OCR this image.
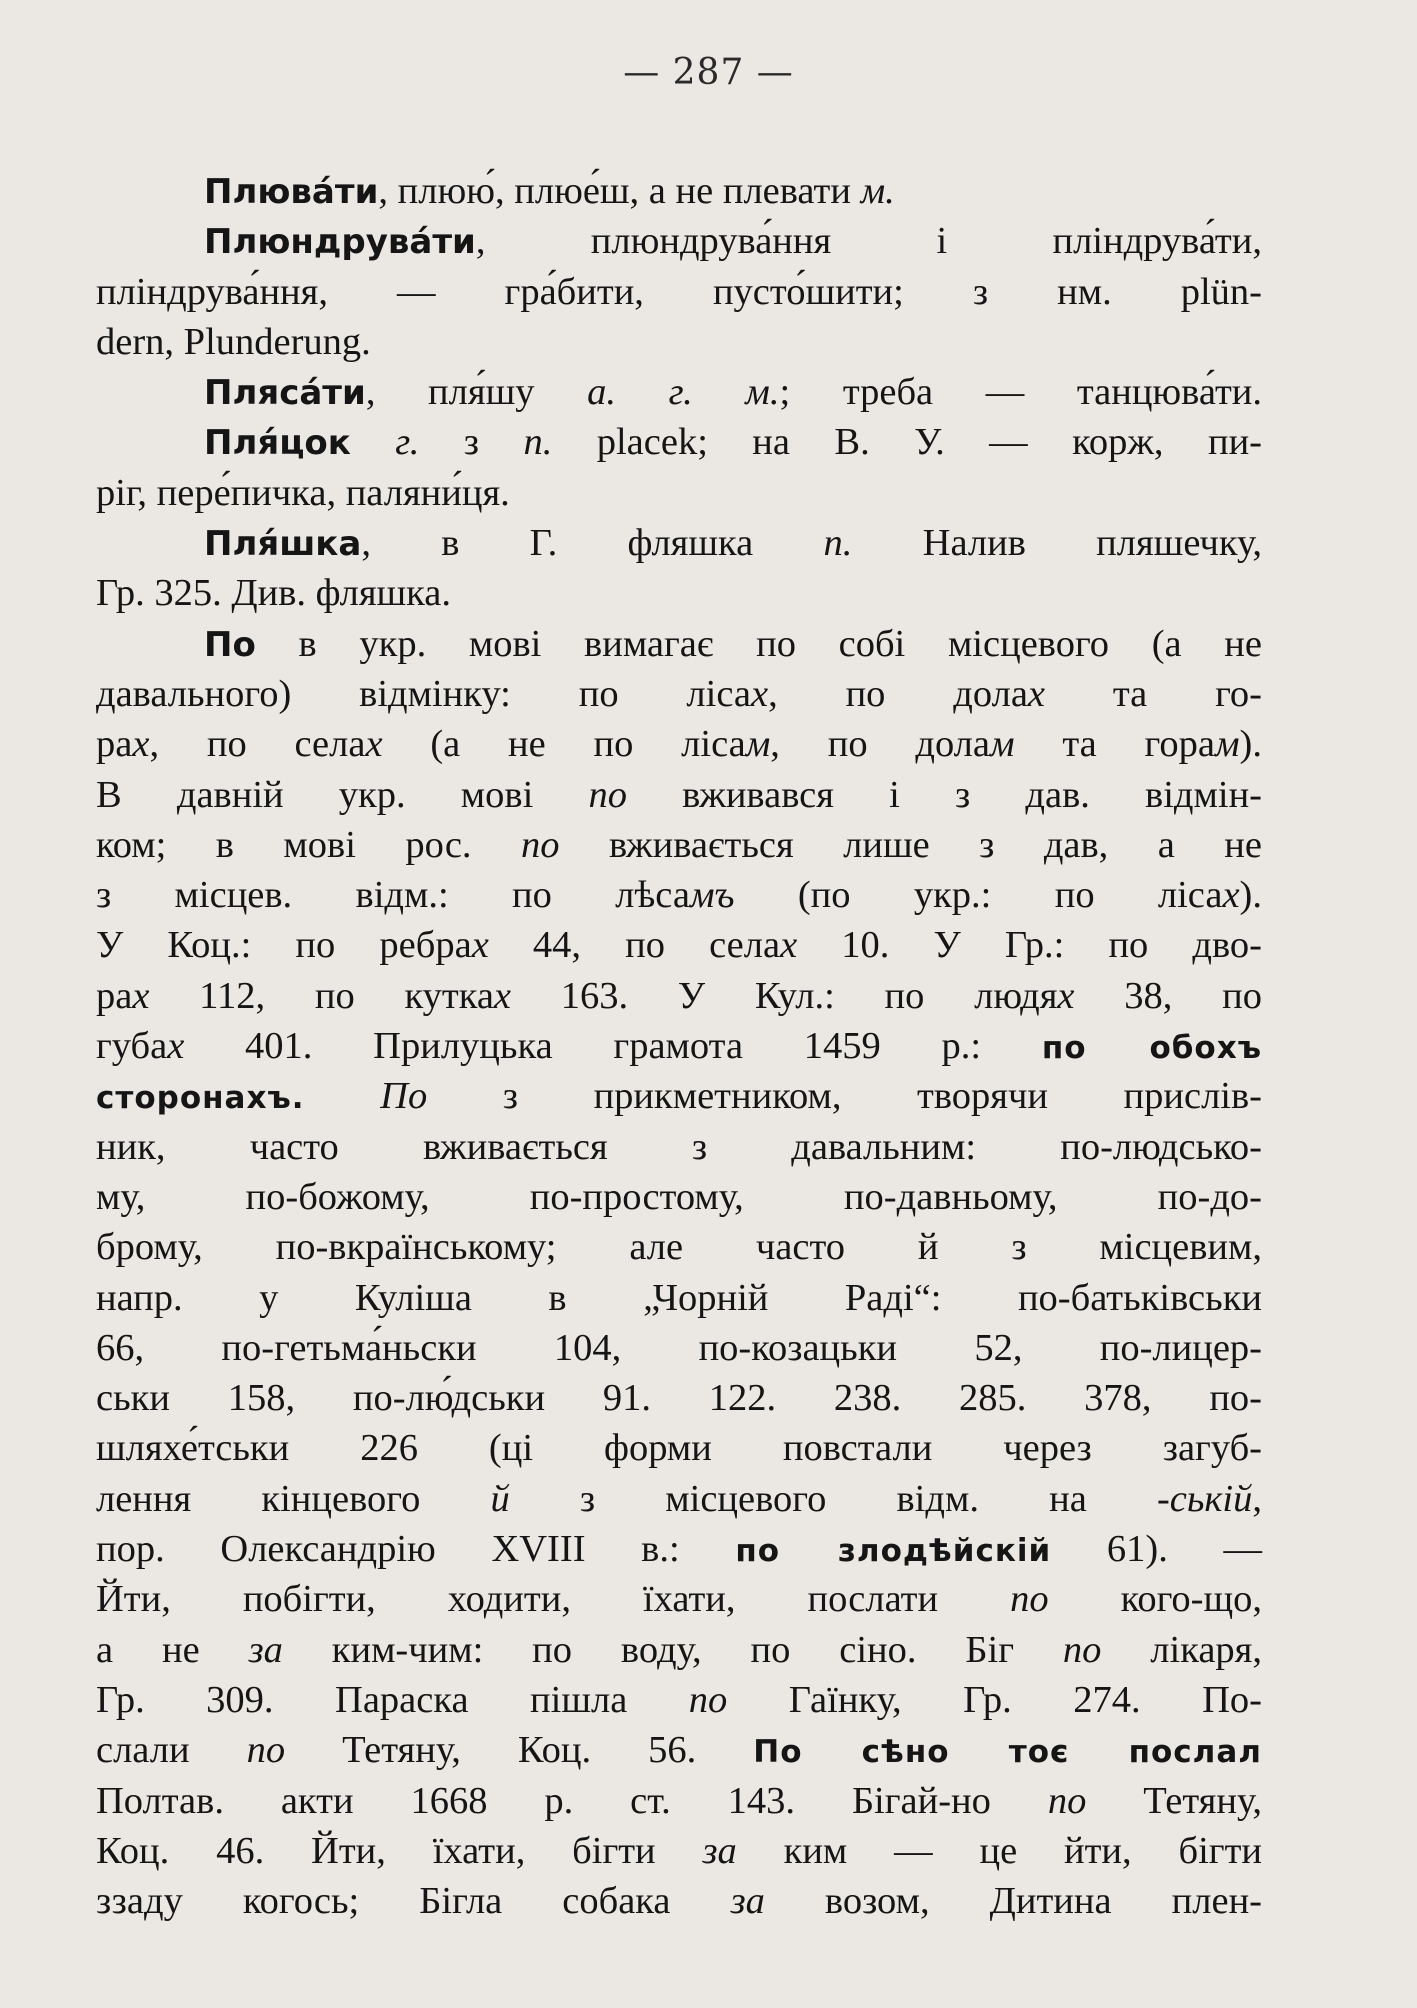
— 287 —
Плюва́ти, плюю́, плюе́ш, а не плевати м.
Плюндрува́ти, плюндрува́ння і пліндрува́ти,
пліндрува́ння, — гра́бити, пусто́шити; з нм. plün-
dern, Plunderung.
Пляса́ти, пля́шу а. г. м.; треба — танцюва́ти.
Пля́цок г. з п. placek; на В. У. — корж, пи-
ріг, пере́пичка, паляни́ця.
Пля́шка, в Г. фляшка п. Налив пляшечку,
Гр. 325. Див. фляшка.
По в укр. мові вимагає по собі місцевого (а не
давального) відмінку: по лісах, по долах та го-
рах, по селах (а не по лісам, по долам та горам).
В давній укр. мові по вживався і з дав. відмін-
ком; в мові рос. по вживається лише з дав, а не
з місцев. відм.: по лѣсамъ (по укр.: по лісах).
У Коц.: по ребрах 44, по селах 10. У Гр.: по дво-
рах 112, по кутках 163. У Кул.: по людях 38, по
губах 401. Прилуцька грамота 1459 р.: по обохъ
сторонахъ. По з прикметником, творячи прислів-
ник, часто вживається з давальним: по-людсько-
му, по-божому, по-простому, по-давньому, по-до-
брому, по-вкраїнському; але часто й з місцевим,
напр. у Куліша в „Чорній Раді“: по-батьківськи
66, по-гетьма́ньски 104, по-козацьки 52, по-лицер-
ськи 158, по-лю́дськи 91. 122. 238. 285. 378, по-
шляхе́тськи 226 (ці форми повстали через загуб-
лення кінцевого й з місцевого відм. на -ській,
пор. Олександрію XVIII в.: по злодѣйскій 61). —
Йти, побігти, ходити, їхати, послати по кого-що,
а не за ким-чим: по воду, по сіно. Біг по лікаря,
Гр. 309. Параска пішла по Гаїнку, Гр. 274. По-
слали по Тетяну, Коц. 56. По сѣно тоє послал
Полтав. акти 1668 р. ст. 143. Бігай-но по Тетяну,
Коц. 46. Йти, їхати, бігти за ким — це йти, бігти
ззаду когось; Бігла собака за возом, Дитина плен-
